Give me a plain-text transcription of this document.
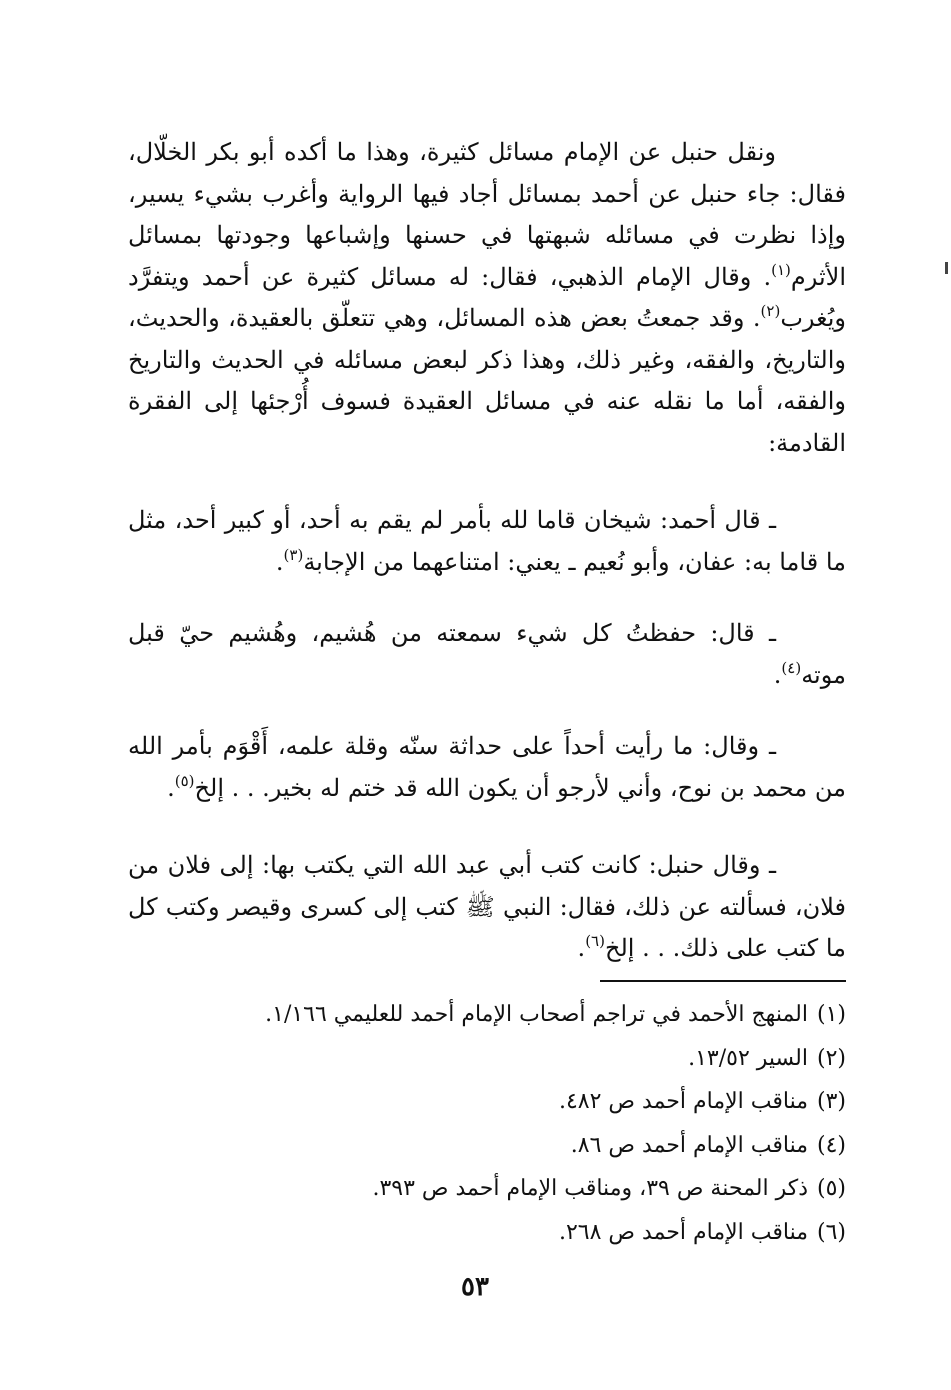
ونقل حنبل عن الإمام مسائل كثيرة، وهذا ما أكده أبو بكر الخلّال، فقال: جاء حنبل عن أحمد بمسائل أجاد فيها الرواية وأغرب بشيء يسير، وإذا نظرت في مسائله شبهتها في حسنها وإشباعها وجودتها بمسائل الأثرم$^{(١)}$. وقال الإمام الذهبي، فقال: له مسائل كثيرة عن أحمد ويتفرَّد ويُغرب$^{(٢)}$. وقد جمعتُ بعض هذه المسائل، وهي تتعلّق بالعقيدة، والحديث، والتاريخ، والفقه، وغير ذلك، وهذا ذكر لبعض مسائله في الحديث والتاريخ والفقه، أما ما نقله عنه في مسائل العقيدة فسوف أُرْجئها إلى الفقرة القادمة:

ـ قال أحمد: شيخان قاما لله بأمر لم يقم به أحد، أو كبير أحد، مثل ما قاما به: عفان، وأبو نُعيم ـ يعني: امتناعهما من الإجابة$^{(٣)}$.

ـ قال: حفظتُ كل شيء سمعته من هُشيم، وهُشيم حيّ قبل موته$^{(٤)}$.

ـ وقال: ما رأيت أحداً على حداثة سنّه وقلة علمه، أَقْوَم بأمر الله من محمد بن نوح، وأني لأرجو أن يكون الله قد ختم له بخير. . . إلخ$^{(٥)}$.

ـ وقال حنبل: كانت كتب أبي عبد الله التي يكتب بها: إلى فلان من فلان، فسألته عن ذلك، فقال: النبي ﷺ كتب إلى كسرى وقيصر وكتب كل ما كتب على ذلك. . . إلخ$^{(٦)}$.

(١)المنهج الأحمد في تراجم أصحاب الإمام أحمد للعليمي ١/١٦٦.
(٢)السير ١٣/٥٢.
(٣)مناقب الإمام أحمد ص ٤٨٢.
(٤)مناقب الإمام أحمد ص ٨٦.
(٥)ذكر المحنة ص ٣٩، ومناقب الإمام أحمد ص ٣٩٣.
(٦)مناقب الإمام أحمد ص ٢٦٨.
٥٣
